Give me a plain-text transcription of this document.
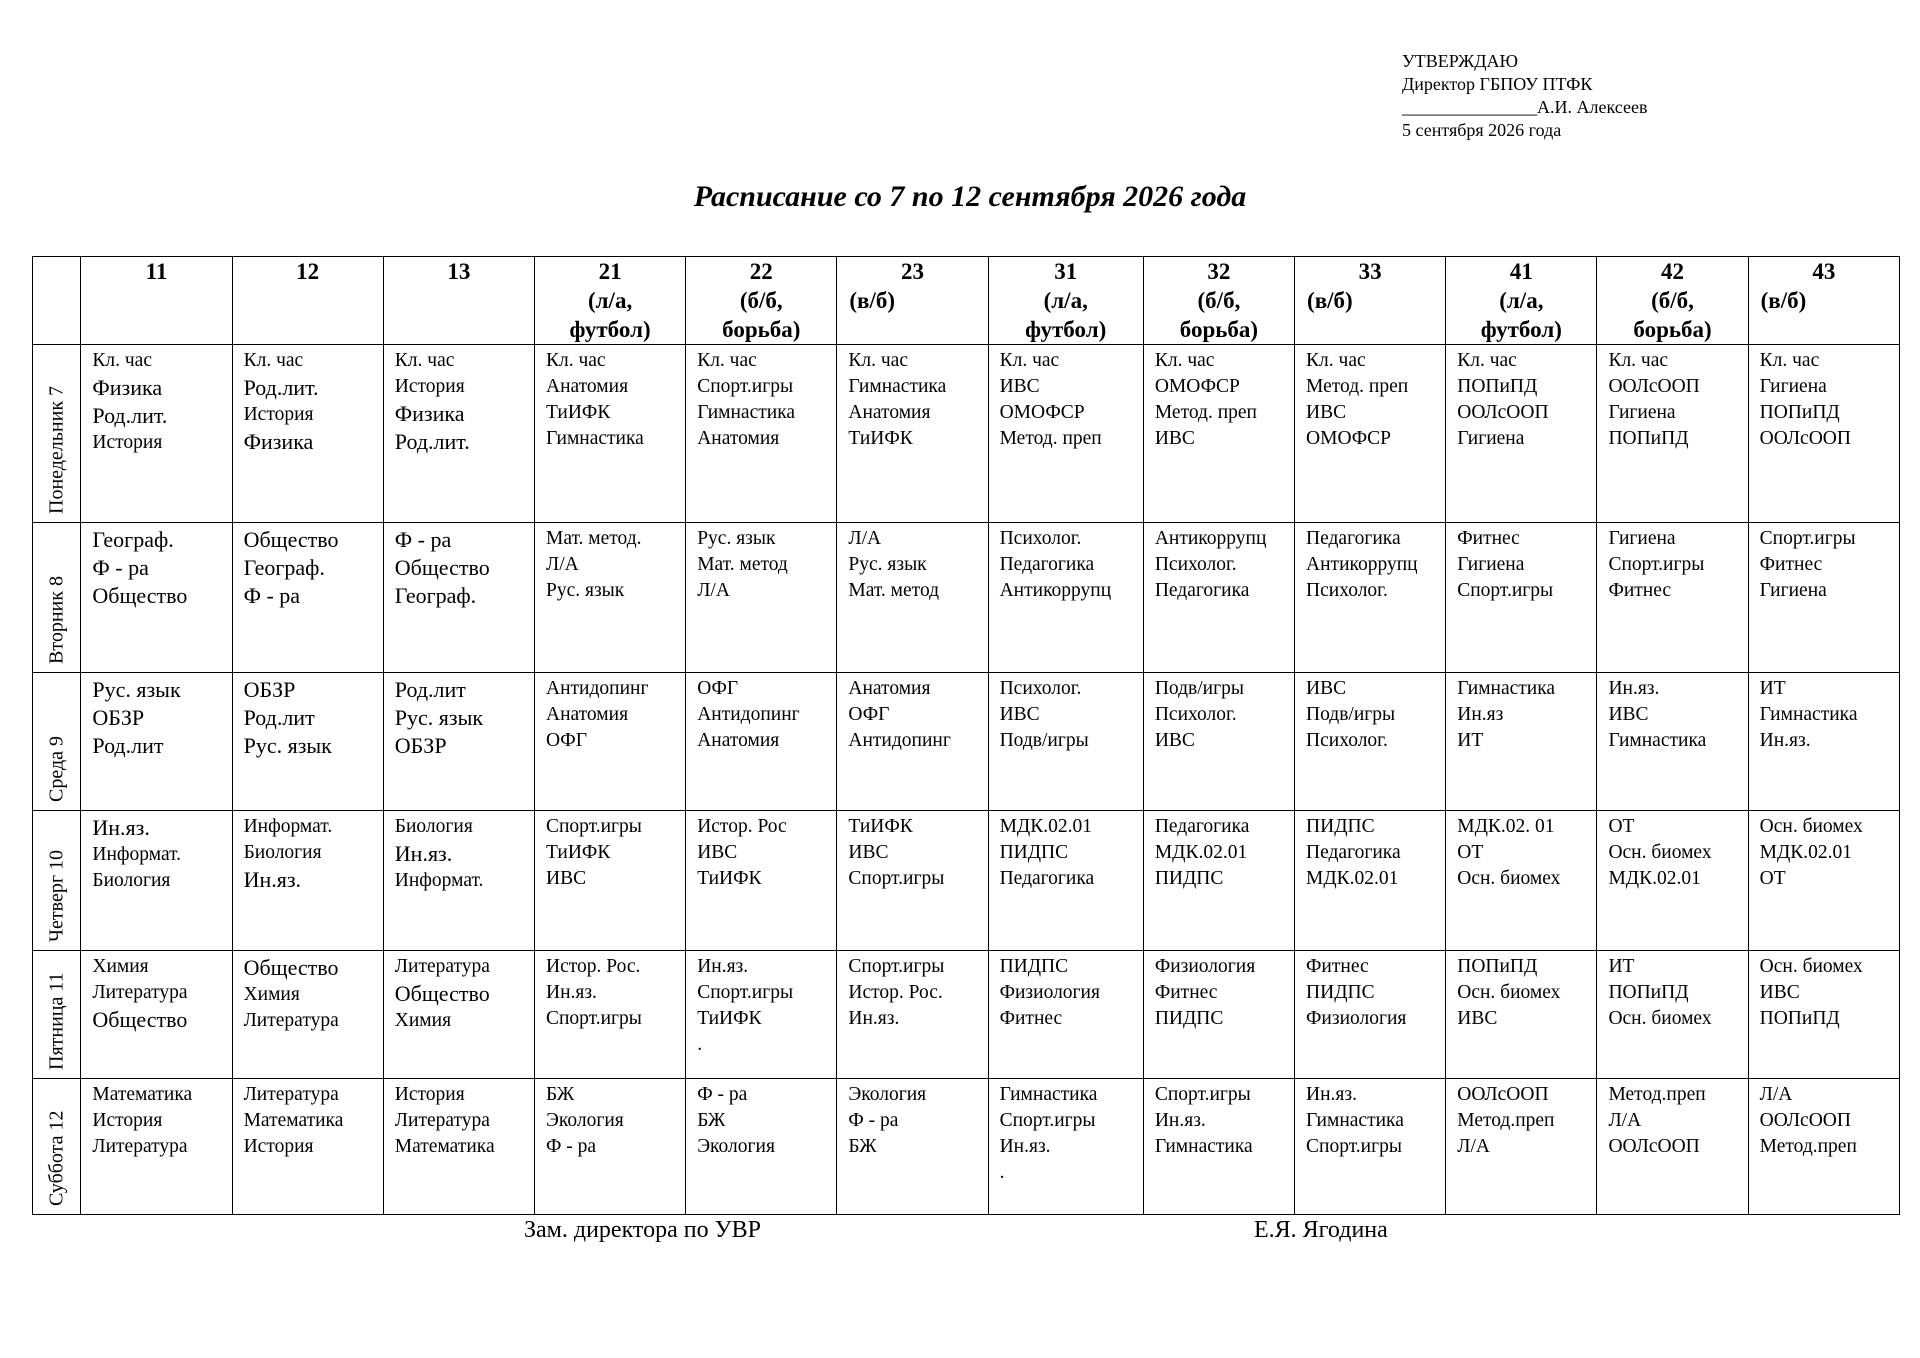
УТВЕРЖДАЮ
Директор ГБПОУ ПТФК
_______________А.И. Алексеев
5 сентября 2026 года
Расписание со 7 по 12 сентября 2026 года

	11	12	13	21
(л/а,
футбол)	22
(б/б,
борьба)	23
(в/б)	31
(л/а,
футбол)	32
(б/б,
борьба)	33
(в/б)	41
(л/а,
футбол)	42
(б/б,
борьба)	43
(в/б)

Понедельник 7	Кл. час
Физика
Род.лит.
История	Кл. час
Род.лит.
История
Физика	Кл. час
История
Физика
Род.лит.	Кл. час
Анатомия
ТиИФК
Гимнастика	Кл. час
Спорт.игры
Гимнастика
Анатомия	Кл. час
Гимнастика
Анатомия
ТиИФК	Кл. час
ИВС
ОМОФСР
Метод. преп	Кл. час
ОМОФСР
Метод. преп
ИВС	Кл. час
Метод. преп
ИВС
ОМОФСР	Кл. час
ПОПиПД
ООЛсООП
Гигиена	Кл. час
ООЛсООП
Гигиена
ПОПиПД	Кл. час
Гигиена
ПОПиПД
ООЛсООП

Вторник 8	Географ.
Ф - ра
Общество	Общество
Географ.
Ф - ра	Ф - ра
Общество
Географ.	Мат. метод.
Л/А
Рус. язык	Рус. язык
Мат. метод
Л/А	Л/А
Рус. язык
Мат. метод	Психолог.
Педагогика
Антикоррупц	Антикоррупц
Психолог.
Педагогика	Педагогика
Антикоррупц
Психолог.	Фитнес
Гигиена
Спорт.игры	Гигиена
Спорт.игры
Фитнес	Спорт.игры
Фитнес
Гигиена

Среда 9	Рус. язык
ОБЗР
Род.лит	ОБЗР
Род.лит
Рус. язык	Род.лит
Рус. язык
ОБЗР	Антидопинг
Анатомия
ОФГ	ОФГ
Антидопинг
Анатомия	Анатомия
ОФГ
Антидопинг	Психолог.
ИВС
Подв/игры	Подв/игры
Психолог.
ИВС	ИВС
Подв/игры
Психолог.	Гимнастика
Ин.яз
ИТ	Ин.яз.
ИВС
Гимнастика	ИТ
Гимнастика
Ин.яз.

Четверг 10	Ин.яз.
Информат.
Биология	Информат.
Биология
Ин.яз.	Биология
Ин.яз.
Информат.	Спорт.игры
ТиИФК
ИВС	Истор. Рос
ИВС
ТиИФК	ТиИФК
ИВС
Спорт.игры	МДК.02.01
ПИДПС
Педагогика	Педагогика
МДК.02.01
ПИДПС	ПИДПС
Педагогика
МДК.02.01	МДК.02. 01
ОТ
Осн. биомех	ОТ
Осн. биомех
МДК.02.01	Осн. биомех
МДК.02.01
ОТ

Пятница 11	Химия
Литература
Общество	Общество
Химия
Литература	Литература
Общество
Химия	Истор. Рос.
Ин.яз.
Спорт.игры	Ин.яз.
Спорт.игры
ТиИФК
.	Спорт.игры
Истор. Рос.
Ин.яз.	ПИДПС
Физиология
Фитнес	Физиология
Фитнес
ПИДПС	Фитнес
ПИДПС
Физиология	ПОПиПД
Осн. биомех
ИВС	ИТ
ПОПиПД
Осн. биомех	Осн. биомех
ИВС
ПОПиПД

Суббота 12	Математика
История
Литература	Литература
Математика
История	История
Литература
Математика	БЖ
Экология
Ф - ра	Ф - ра
БЖ
Экология	Экология
Ф - ра
БЖ	Гимнастика
Спорт.игры
Ин.яз.
.	Спорт.игры
Ин.яз.
Гимнастика	Ин.яз.
Гимнастика
Спорт.игры	ООЛсООП
Метод.преп
Л/А	Метод.преп
Л/А
ООЛсООП	Л/А
ООЛсООП
Метод.преп
Зам. директора по УВР	Е.Я. Ягодина
